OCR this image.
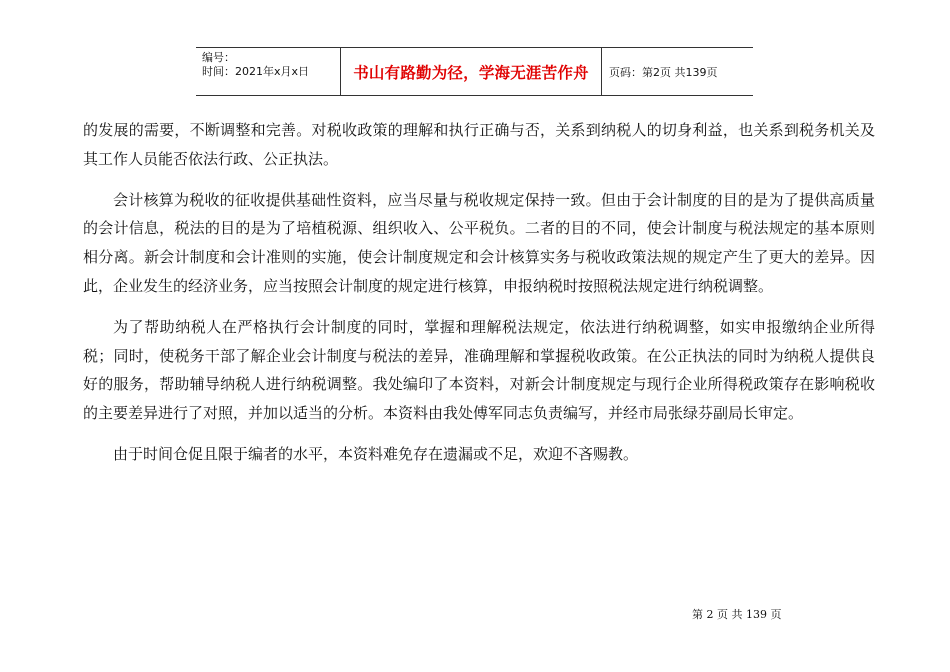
编号：
时间：2021年x月x日	书山有路勤为径，学海无涯苦作舟 页码：第2页 共139页

的发展的需要，不断调整和完善。对税收政策的理解和执行正确与否，关系到纳税人的切身利益，也关系到税务机关及其工作人员能否依法行政、公正执法。

会计核算为税收的征收提供基础性资料，应当尽量与税收规定保持一致。但由于会计制度的目的是为了提供高质量的会计信息，税法的目的是为了培植税源、组织收入、公平税负。二者的目的不同，使会计制度与税法规定的基本原则相分离。新会计制度和会计准则的实施，使会计制度规定和会计核算实务与税收政策法规的规定产生了更大的差异。因此，企业发生的经济业务，应当按照会计制度的规定进行核算，申报纳税时按照税法规定进行纳税调整。

为了帮助纳税人在严格执行会计制度的同时，掌握和理解税法规定，依法进行纳税调整，如实申报缴纳企业所得税；同时，使税务干部了解企业会计制度与税法的差异，准确理解和掌握税收政策。在公正执法的同时为纳税人提供良好的服务，帮助辅导纳税人进行纳税调整。我处编印了本资料，对新会计制度规定与现行企业所得税政策存在影响税收的主要差异进行了对照，并加以适当的分析。本资料由我处傅军同志负责编写，并经市局张绿芬副局长审定。

由于时间仓促且限于编者的水平，本资料难免存在遗漏或不足，欢迎不吝赐教。

第 2 页 共 139 页
